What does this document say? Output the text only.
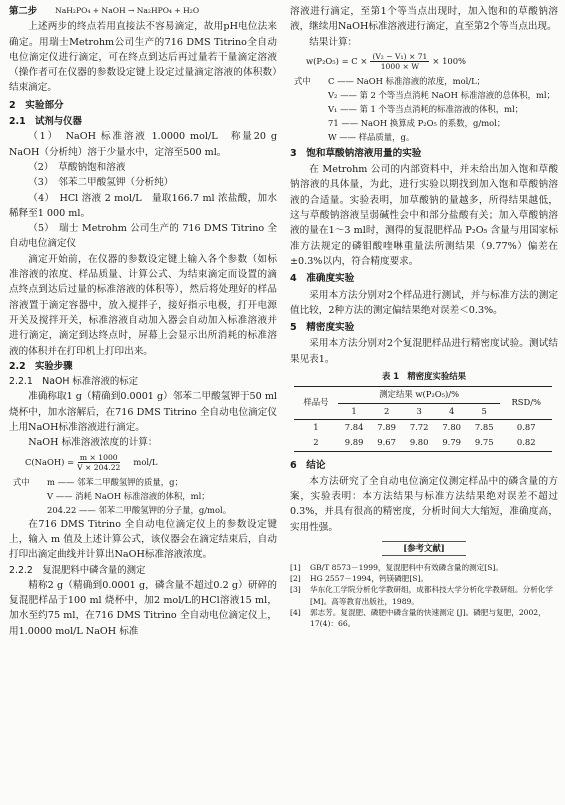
第二步	NaH₂PO₄ + NaOH → Na₂HPO₄ + H₂O

上述两步的终点若用直接法不容易滴定，故用pH电位法来确定。用瑞士Metrohm公司生产的716 DMS Titrino全自动电位滴定仪进行滴定，可在终点到达后再过量若干量滴定溶液（操作者可在仪器的参数设定键上设定过量滴定溶液的体积数）结束滴定。

2　实验部分
2.1　试剂与仪器

（1）　NaOH 标准溶液 1.0000 mol/L　称量20 g NaOH（分析纯）溶于少量水中，定溶至500 ml。

（2）　草酸钠饱和溶液

（3）　邻苯二甲酸氢钾（分析纯）

（4）　HCl 溶液 2 mol/L　量取166.7 ml 浓盐酸，加水稀释至1 000 ml。

（5）　瑞士 Metrohm 公司生产的 716 DMS Titrino 全自动电位滴定仪

滴定开始前，在仪器的参数设定键上输入各个参数（如标准溶液的浓度、样品质量、计算公式、为结束滴定而设置的滴点终点到达后过量的标准溶液的体积等），然后将处理好的样品溶液置于滴定容器中，放入搅拌子，接好指示电极，打开电源开关及搅拌开关，标准溶液自动加入器会自动加入标准溶液并进行滴定，滴定到达终点时，屏幕上会显示出所消耗的标准溶液的体积并在打印机上打印出来。

2.2　实验步骤
2.2.1　NaOH 标准溶液的标定

准确称取1 g（精确到0.0001 g）邻苯二甲酸氢钾于50 ml 烧杯中，加水溶解后，在716 DMS Titrino 全自动电位滴定仪上用NaOH标准溶液进行滴定。

NaOH 标准溶液浓度的计算：

C(NaOH) = $\frac{m \times 1000}{V \times 204.22} mol/L$
式中	m —— 邻苯二甲酸氢钾的质量，g；
V —— 消耗 NaOH 标准溶液的体积，ml；
204.22 —— 邻苯二甲酸氢钾的分子量，g/mol。

在716 DMS Titrino 全自动电位滴定仪上的参数设定键上，输入 m 值及上述计算公式，该仪器会在滴定结束后，自动打印出滴定曲线并计算出NaOH标准溶液浓度。

2.2.2　复混肥料中磷含量的测定

精称2 g（精确到0.0001 g，磷含量不超过0.2 g）研碎的复混肥样品于100 ml 烧杯中，加2 mol/L的HCl溶液15 ml，加水至约75 ml，在716 DMS Titrino 全自动电位滴定仪上，用1.0000 mol/L NaOH 标准

溶液进行滴定，至第1个等当点出现时，加入饱和的草酸钠溶液，继续用NaOH标准溶液进行滴定，直至第2个等当点出现。

结果计算：

$w(P_2O_5) = C \times \frac{\text{(V₂ − V₁) × 71}}{1000 \times W} \times 100\%$
式中	C —— NaOH 标准溶液的浓度，mol/L；
V₂ —— 第 2 个等当点消耗 NaOH 标准溶液的总体积，ml；
V₁ —— 第 1 个等当点消耗的标准溶液的体积，ml；
71 —— NaOH 换算成 P₂O₅ 的系数，g/mol；
W —— 样品质量，g。
3　饱和草酸钠溶液用量的实验

在 Metrohm 公司的内部资料中，并未给出加入饱和草酸钠溶液的具体量，为此，进行实验以期找到加入饱和草酸钠溶液的合适量。实验表明，加草酸钠的量越多，所得结果越低，这与草酸钠溶液呈弱碱性会中和部分盐酸有关；加入草酸钠溶液的量在1～3 ml时，测得的复混肥样品 P₂O₅ 含量与用国家标准方法规定的磷钼酸喹啉重量法所测结果（9.77%）偏差在±0.3%以内，符合精度要求。

4　准确度实验

采用本方法分别对2个样品进行测试，并与标准方法的测定值比较，2种方法的测定偏结果绝对误差＜0.3%。

5　精密度实验

采用本方法分别对2个复混肥样品进行精密度试验。测试结果见表1。

表 1　精密度实验结果
样品号	测定结果 w(P₂O₅)/%					RSD/%
	1	2	3	4	5	
1	7.84	7.89	7.72	7.80	7.85	0.87
2	9.89	9.67	9.80	9.79	9.75	0.82
6　结论

本方法研究了全自动电位滴定仪测定样品中的磷含量的方案，实验表明：本方法结果与标准方法结果绝对误差不超过0.3%，并具有很高的精密度，分析时间大大缩短，准确度高，实用性强。

[参考文献]
[1]	GB/T 8573－1999，复混肥料中有效磷含量的测定[S]。
[2]	HG 2557－1994，钙镁磷肥[S]。
[3]	华东化工学院分析化学教研组，成都科技大学分析化学教研组。分析化学[M]。高等教育出版社，1989。
[4]	郭志芳。复混肥、磷肥中磷含量的快速测定 [J]。磷肥与复肥，2002，17(4)：66。
